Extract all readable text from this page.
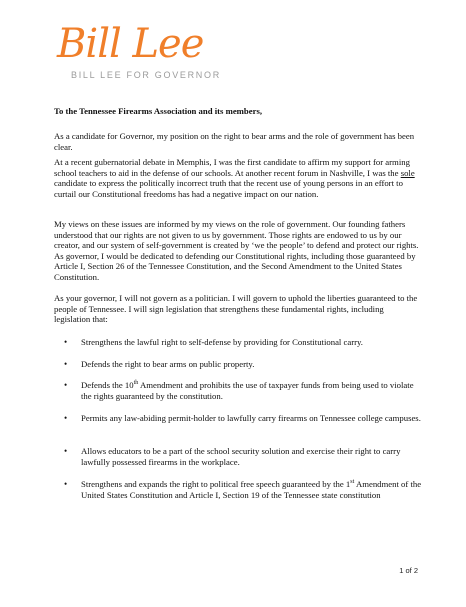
Bill Lee
BILL LEE FOR GOVERNOR
To the Tennessee Firearms Association and its members,
As a candidate for Governor, my position on the right to bear arms and the role of government has been clear.
At a recent gubernatorial debate in Memphis, I was the first candidate to affirm my support for arming school teachers to aid in the defense of our schools. At another recent forum in Nashville, I was the sole candidate to express the politically incorrect truth that the recent use of young persons in an effort to curtail our Constitutional freedoms has had a negative impact on our nation.
My views on these issues are informed by my views on the role of government. Our founding fathers understood that our rights are not given to us by government. Those rights are endowed to us by our creator, and our system of self-government is created by ‘we the people’ to defend and protect our rights. As governor, I would be dedicated to defending our Constitutional rights, including those guaranteed by Article I, Section 26 of the Tennessee Constitution, and the Second Amendment to the United States Constitution.
As your governor, I will not govern as a politician. I will govern to uphold the liberties guaranteed to the people of Tennessee. I will sign legislation that strengthens these fundamental rights, including legislation that:
• Strengthens the lawful right to self-defense by providing for Constitutional carry.
• Defends the right to bear arms on public property.
• Defends the 10th Amendment and prohibits the use of taxpayer funds from being used to violate the rights guaranteed by the constitution.
• Permits any law-abiding permit-holder to lawfully carry firearms on Tennessee college campuses.
• Allows educators to be a part of the school security solution and exercise their right to carry lawfully possessed firearms in the workplace.
• Strengthens and expands the right to political free speech guaranteed by the 1st Amendment of the United States Constitution and Article I, Section 19 of the Tennessee state constitution
1 of 2
